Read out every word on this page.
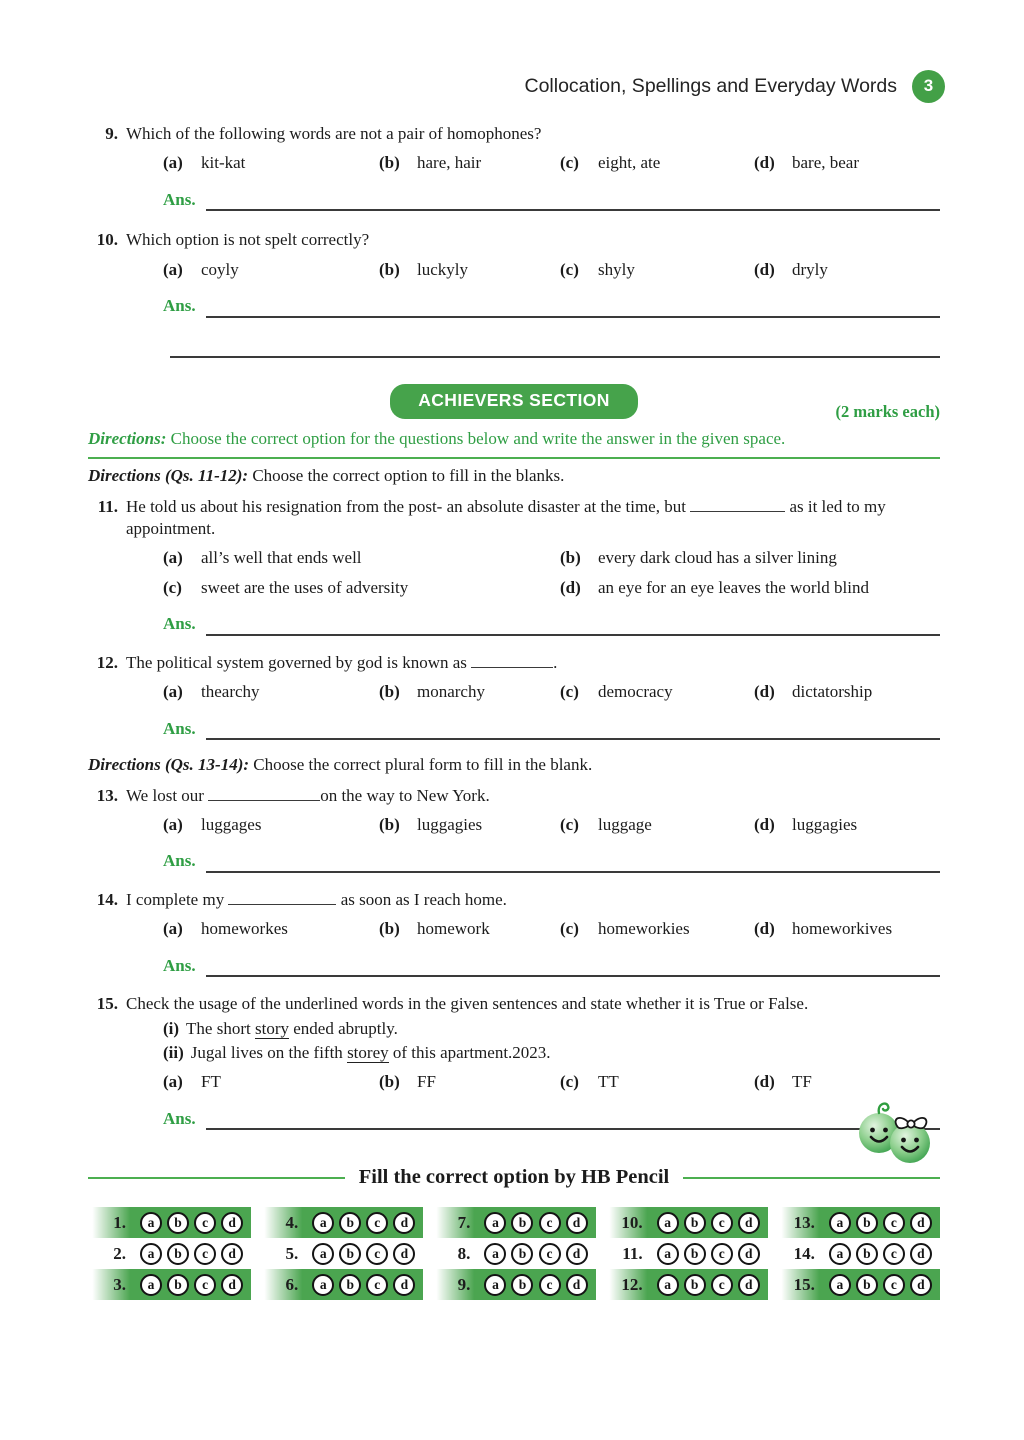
Collocation, Spellings and Everyday Words	3
9. Which of the following words are not a pair of homophones?
(a)	kit-kat	(b)	hare, hair	(c)	eight, ate	(d)	bare, bear
Ans.
10. Which option is not spelt correctly?
(a)	coyly	(b)	luckyly	(c)	shyly	(d)	dryly
Ans.
ACHIEVERS SECTION
(2 marks each)
Directions: Choose the correct option for the questions below and write the answer in the given space.
Directions (Qs. 11-12): Choose the correct option to fill in the blanks.
11. He told us about his resignation from the post- an absolute disaster at the time, but	as it led to my appointment.
(a)	all’s well that ends well	(b)	every dark cloud has a silver lining
(c)	sweet are the uses of adversity	(d)	an eye for an eye leaves the world blind
Ans.
12. The political system governed by god is known as	.
(a)	thearchy	(b)	monarchy	(c)	democracy	(d)	dictatorship
Ans.
Directions (Qs. 13-14): Choose the correct plural form to fill in the blank.
13. We lost our	on the way to New York.
(a)	luggages	(b)	luggagies	(c)	luggage	(d)	luggagies
Ans.
14. I complete my	as soon as I reach home.
(a)	homeworkes	(b)	homework	(c)	homeworkies	(d)	homeworkives
Ans.
15. Check the usage of the underlined words in the given sentences and state whether it is True or False.
(i) The short story ended abruptly.
(ii) Jugal lives on the fifth storey of this apartment.2023.
(a)	FT	(b)	FF	(c)	TT	(d)	TF
Ans.
Fill the correct option by HB Pencil
1.	a	b	c	d
2.	a	b	c	d
3.	a	b	c	d
4.	a	b	c	d
5.	a	b	c	d
6.	a	b	c	d
7.	a	b	c	d
8.	a	b	c	d
9.	a	b	c	d
10.	a	b	c	d
11.	a	b	c	d
12.	a	b	c	d
13.	a	b	c	d
14.	a	b	c	d
15.	a	b	c	d
